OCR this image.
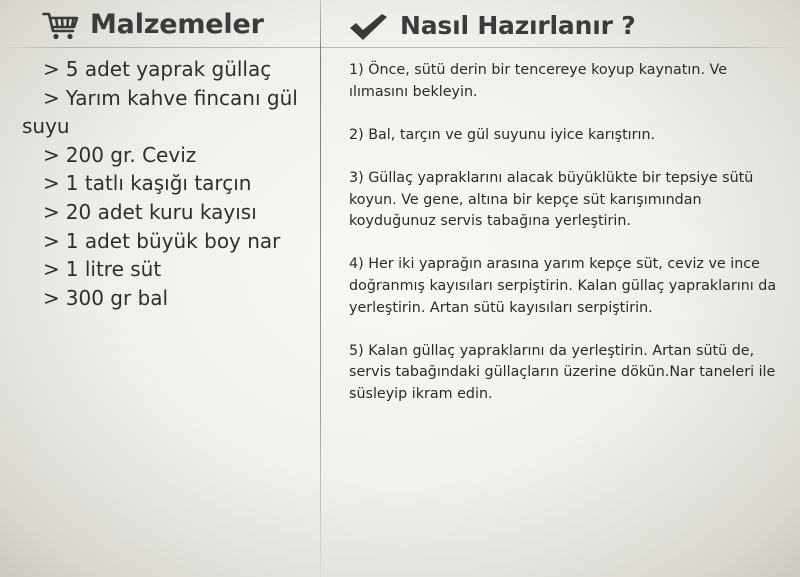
Malzemeler	Nasıl Hazırlanır ?
> 5 adet yaprak güllaç
> Yarım kahve fincanı gül suyu
> 200 gr. Ceviz
> 1 tatlı kaşığı tarçın
> 20 adet kuru kayısı
> 1 adet büyük boy nar
> 1 litre süt
> 300 gr bal

1) Önce, sütü derin bir tencereye koyup kaynatın. Ve ılımasını bekleyin.

2) Bal, tarçın ve gül suyunu iyice karıştırın.

3) Güllaç yapraklarını alacak büyüklükte bir tepsiye sütü koyun. Ve gene, altına bir kepçe süt karışımından koyduğunuz servis tabağına yerleştirin.

4) Her iki yaprağın arasına yarım kepçe süt, ceviz ve ince doğranmış kayısıları serpiştirin. Kalan güllaç yapraklarını da yerleştirin. Artan sütü kayısıları serpiştirin.

5) Kalan güllaç yapraklarını da yerleştirin. Artan sütü de, servis tabağındaki güllaçların üzerine dökün.Nar taneleri ile süsleyip ikram edin.
